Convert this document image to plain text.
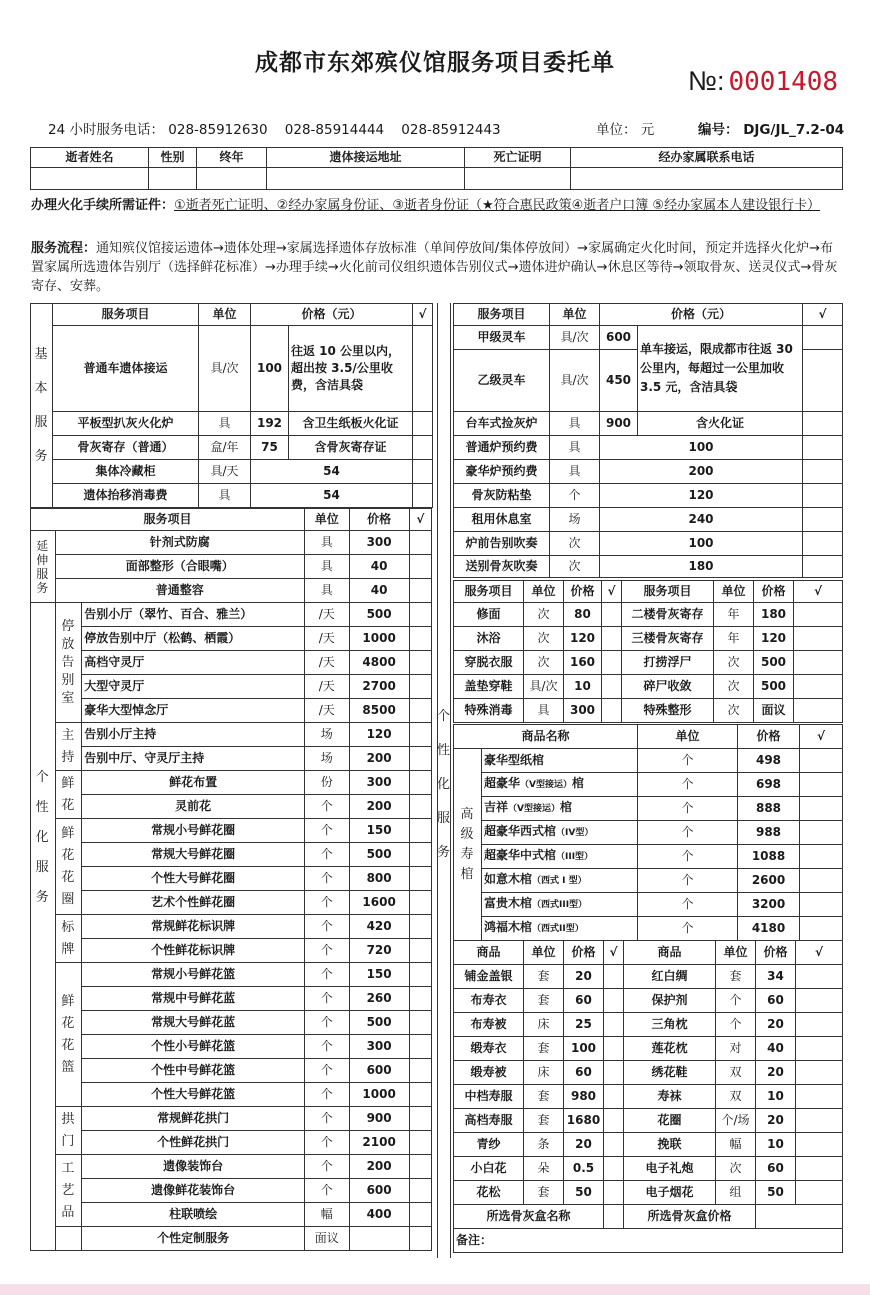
成都市东郊殡仪馆服务项目委托单
№: 0001408
24 小时服务电话： 028-85912630    028-85914444    028-85912443	单位： 元	编号： DJG/JL_7.2-04
逝者姓名	性别	终年	遗体接运地址	死亡证明	经办家属联系电话

办理火化手续所需证件：①逝者死亡证明、②经办家属身份证、③逝者身份证（★符合惠民政策④逝者户口簿 ⑤经办家属本人建设银行卡）
服务流程：通知殡仪馆接运遗体→遗体处理→家属选择遗体存放标准（单间停放间/集体停放间）→家属确定火化时间，预定并选择火化炉→布置家属所选遗体告别厅（选择鲜花标准）→办理手续→火化前司仪组织遗体告别仪式→遗体进炉确认→休息区等待→领取骨灰、送灵仪式→骨灰寄存、安葬。
基

本

服

务	服务项目	单位	价格（元）		√
	普通车遗体接运	具/次	100	往返 10 公里以内，超出按 3.5/公里收费，含洁具袋	
	平板型扒灰火化炉	具	192	含卫生纸板火化证	
	骨灰寄存（普通）	盒/年	75	含骨灰寄存证	
	集体冷藏柜	具/天	54		
	遗体抬移消毒费	具	54		
服务项目			单位	价格	√
延
伸
服
务	针剂式防腐		具	300	
	面部整形（合眼嘴）		具	40	
	普通整容		具	40	
个
性
化
服
务	停放告别室	告别小厅（翠竹、百合、雅兰）	/天	500	
		停放告别中厅（松鹤、栖霞）	/天	1000	
		高档守灵厅	/天	4800	
		大型守灵厅	/天	2700	
		豪华大型悼念厅	/天	8500	
	主持	告别小厅主持	场	120	
		告别中厅、守灵厅主持	场	200	
	鲜花	鲜花布置	份	300	
		灵前花	个	200	
	鲜花花圈	常规小号鲜花圈	个	150	
		常规大号鲜花圈	个	500	
		个性大号鲜花圈	个	800	
		艺术个性鲜花圈	个	1600	
	标牌	常规鲜花标识牌	个	420	
		个性鲜花标识牌	个	720	
	鲜花花篮	常规小号鲜花篮	个	150	
		常规中号鲜花蓝	个	260	
		常规大号鲜花蓝	个	500	
		个性小号鲜花篮	个	300	
		个性中号鲜花篮	个	600	
		个性大号鲜花篮	个	1000	
	拱门	常规鲜花拱门	个	900	
		个性鲜花拱门	个	2100	
	工艺品	遗像装饰台	个	200	
		遗像鲜花装饰台	个	600	
		柱联喷绘	幅	400	
		个性定制服务	面议		
个
性
化
服
务
服务项目	单位	价格（元）		√
甲级灵车	具/次	600	单车接运，限成都市往返 30 公里内，每超过一公里加收 3.5 元，含洁具袋	
乙级灵车	具/次	450		
台车式捡灰炉	具	900	含火化证	
普通炉预约费	具	100		
豪华炉预约费	具	200		
骨灰防粘垫	个	120		
租用休息室	场	240		
炉前告别吹奏	次	100		
送别骨灰吹奏	次	180		
服务项目	单位	价格	√	服务项目	单位	价格	√
修面	次	80		二楼骨灰寄存	年	180	
沐浴	次	120		三楼骨灰寄存	年	120	
穿脱衣服	次	160		打捞浮尸	次	500	
盖垫穿鞋	具/次	10		碎尸收敛	次	500	
特殊消毒	具	300		特殊整形	次	面议	
商品名称		单位	价格	√
高级寿棺	豪华型纸棺	个	498	
	超豪华（V型接运）棺	个	698	
	吉祥（V型接运）棺	个	888	
	超豪华西式棺（IV型）	个	988	
	超豪华中式棺（III型）	个	1088	
	如意木棺（西式 I 型）	个	2600	
	富贵木棺（西式III型）	个	3200	
	鸿福木棺（西式II型）	个	4180	
商品	单位	价格	√	商品	单位	价格	√
铺金盖银	套	20		红白绸	套	34	
布寿衣	套	60		保护剂	个	60	
布寿被	床	25		三角枕	个	20	
缎寿衣	套	100		莲花枕	对	40	
缎寿被	床	60		绣花鞋	双	20	
中档寿服	套	980		寿袜	双	10	
高档寿服	套	1680		花圈	个/场	20	
青纱	条	20		挽联	幅	10	
小白花	朵	0.5		电子礼炮	次	60	
花松	套	50		电子烟花	组	50	
所选骨灰盒名称				所选骨灰盒价格			
备注：							
